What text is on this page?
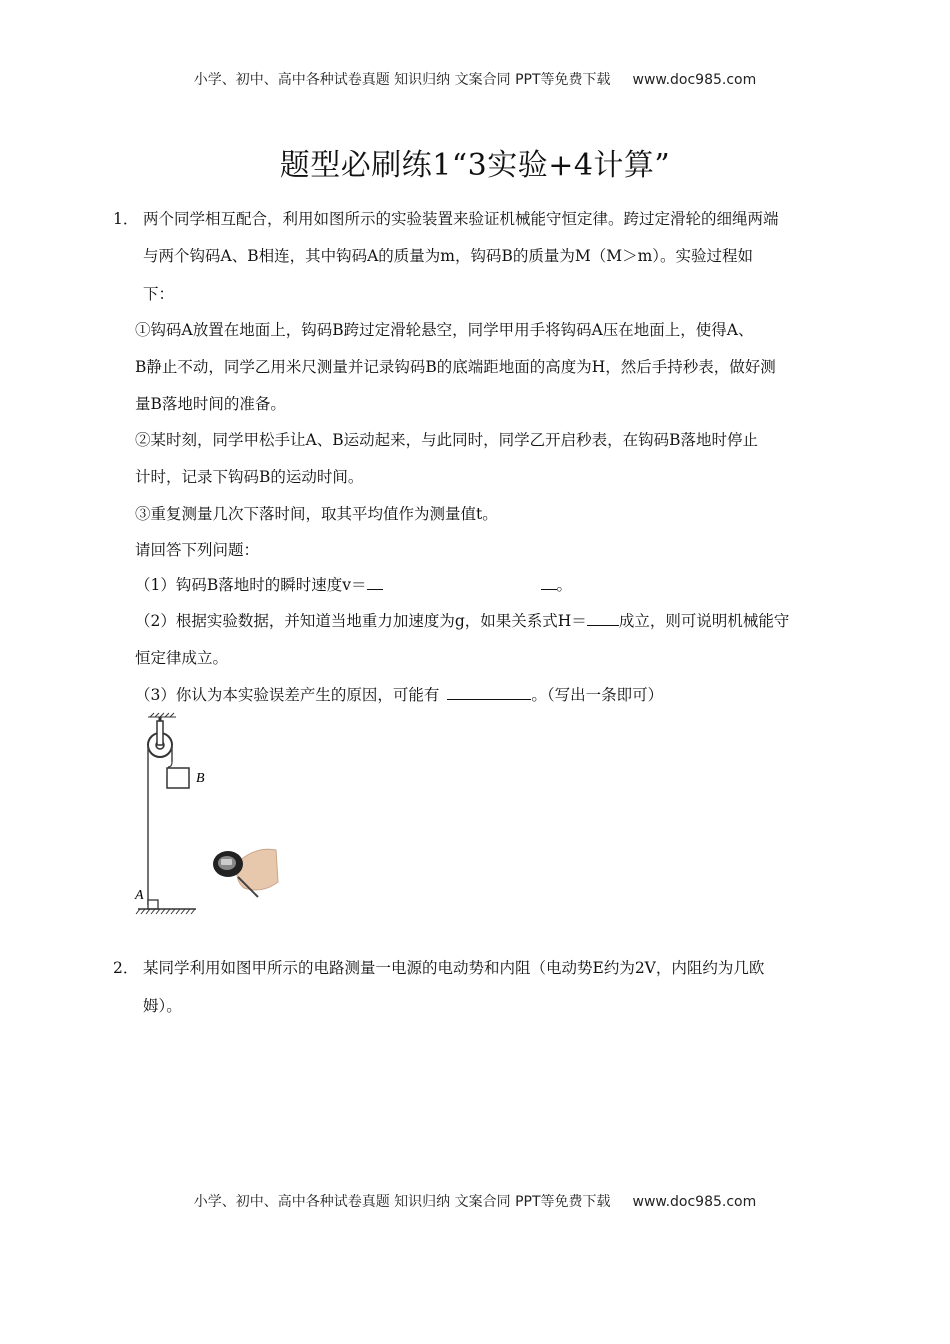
小学、初中、高中各种试卷真题 知识归纳 文案合同 PPT等免费下载 www.doc985.com
题型必刷练1“3实验+4计算”
1． 两个同学相互配合，利用如图所示的实验装置来验证机械能守恒定律。跨过定滑轮的细绳两端
与两个钩码A、B相连，其中钩码A的质量为m，钩码B的质量为M（M＞m）。实验过程如
下：
①钩码A放置在地面上，钩码B跨过定滑轮悬空，同学甲用手将钩码A压在地面上，使得A、
B静止不动，同学乙用米尺测量并记录钩码B的底端距地面的高度为H，然后手持秒表，做好测
量B落地时间的准备。
②某时刻，同学甲松手让A、B运动起来，与此同时，同学乙开启秒表，在钩码B落地时停止
计时，记录下钩码B的运动时间。
③重复测量几次下落时间，取其平均值作为测量值t。
请回答下列问题：
（1）钩码B落地时的瞬时速度v＝	。
（2）根据实验数据，并知道当地重力加速度为g，如果关系式H＝ 成立，则可说明机械能守
恒定律成立。
（3）你认为本实验误差产生的原因，可能有	。（写出一条即可）
B
A
2． 某同学利用如图甲所示的电路测量一电源的电动势和内阻（电动势E约为2V，内阻约为几欧
姆）。
小学、初中、高中各种试卷真题 知识归纳 文案合同 PPT等免费下载 www.doc985.com
